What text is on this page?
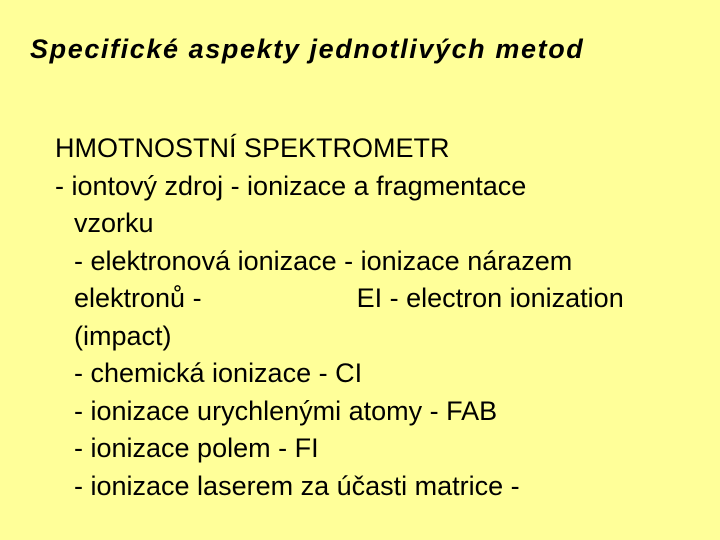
Specifické aspekty jednotlivých metod
HMOTNOSTNÍ SPEKTROMETR
- iontový zdroj - ionizace a fragmentace
vzorku
- elektronová ionizace - ionizace nárazem
elektronů -	EI - electron ionization
(impact)
- chemická ionizace - CI
- ionizace urychlenými atomy - FAB
- ionizace polem - FI
- ionizace laserem za účasti matrice -
